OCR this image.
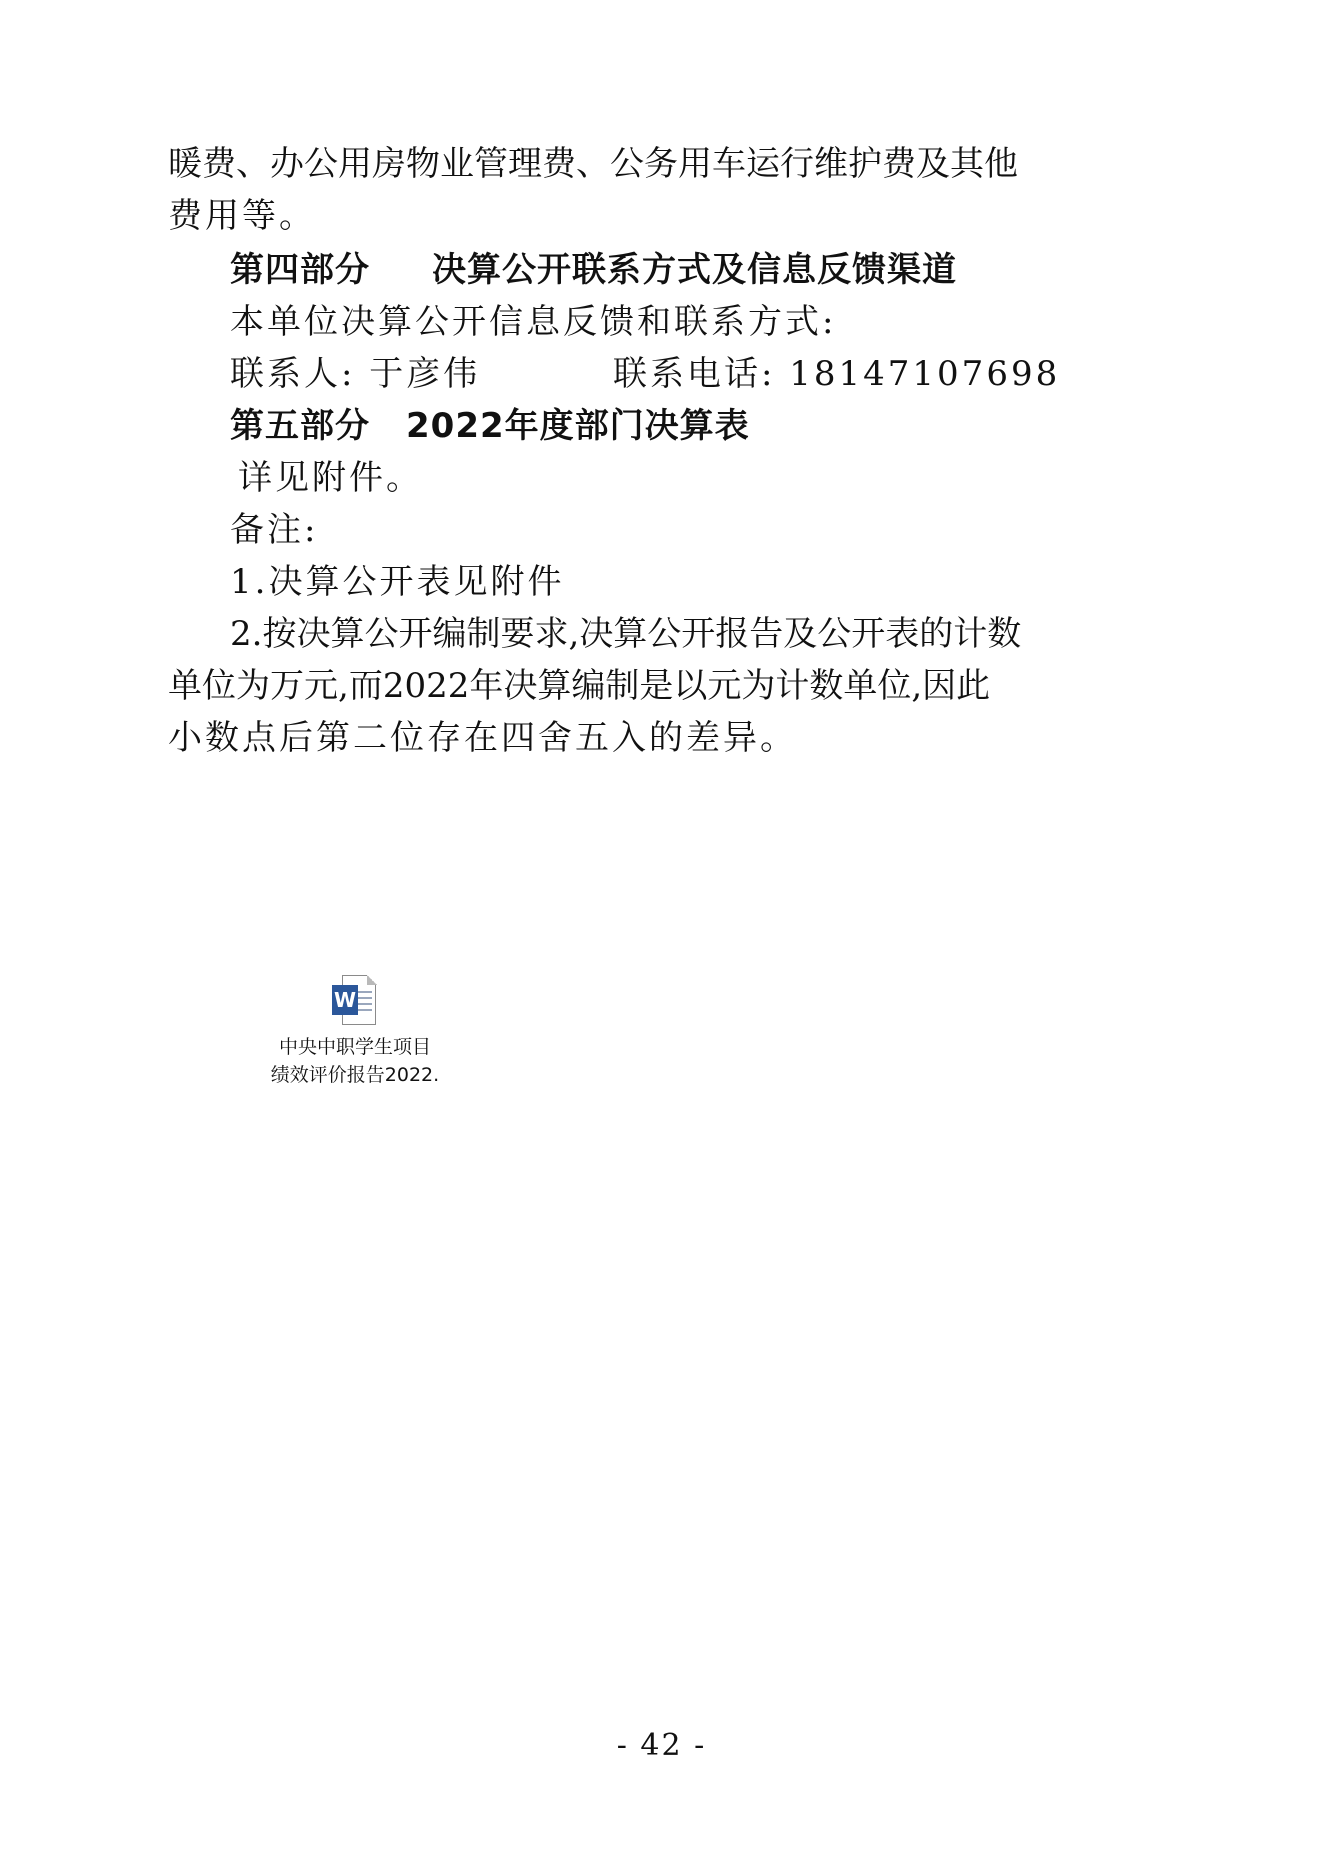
暖 费 、 办 公 用 房 物 业 管 理 费 、 公 务 用 车 运 行 维 护 费 及 其 他
费用等。
第四部分 决算公开联系方式及信息反馈渠道
本单位决算公开信息反馈和联系方式:
联系人: 于彦伟	联系电话: 18147107698
第五部分 2022年度部门决算表
详见附件。
备注:
1.决算公开表见附件
2 . 按 决 算 公 开 编 制 要 求 , 决 算 公 开 报 告 及 公 开 表 的 计 数
单 位 为 万 元 , 而 2022 年 决 算 编 制 是 以 元 为 计 数 单 位 , 因 此
小数点后第二位存在四舍五入的差异。
W
中央中职学生项目
绩效评价报告2022.
- 42 -
